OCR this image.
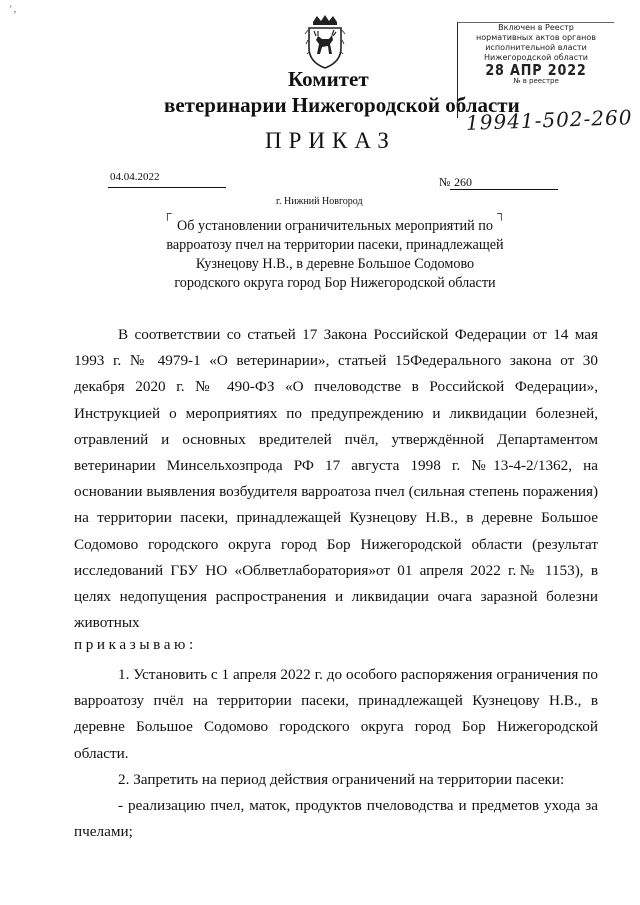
' ,
Комитет
ветеринарии Нижегородской области
ПРИКАЗ
Включен в Реестр
нормативных актов органов
исполнительной власти
Нижегородской области
28 АПР 2022
№ в реестре
19941-502-260
04.04.2022	№ 260
г. Нижний Новгород
┌	┐
Об установлении ограничительных мероприятий по варроатозу пчел на территории пасеки, принадлежащей Кузнецову Н.В., в деревне Большое Содомово городского округа город Бор Нижегородской области
В соответствии со статьей 17 Закона Российской Федерации от 14 мая 1993 г. № 4979-1 «О ветеринарии», статьей 15Федерального закона от 30 декабря 2020 г. № 490-ФЗ «О пчеловодстве в Российской Федерации», Инструкцией о мероприятиях по предупреждению и ликвидации болезней, отравлений и основных вредителей пчёл, утверждённой Департаментом ветеринарии Минсельхозпрода РФ 17 августа 1998 г. №13-4-2/1362, на основании выявления возбудителя варроатоза пчел (сильная степень поражения) на территории пасеки, принадлежащей Кузнецову Н.В., в деревне Большое Содомово городского округа город Бор Нижегородской области (результат исследований ГБУ НО «Облветлаборатория»от 01 апреля 2022 г.№ 1153), в целях недопущения распространения и ликвидации очага заразной болезни животных
приказываю:
1. Установить с 1 апреля 2022 г. до особого распоряжения ограничения по варроатозу пчёл на территории пасеки, принадлежащей Кузнецову Н.В., в деревне Большое Содомово городского округа город Бор Нижегородской области.
2. Запретить на период действия ограничений на территории пасеки:
- реализацию пчел, маток, продуктов пчеловодства и предметов ухода за пчелами;
